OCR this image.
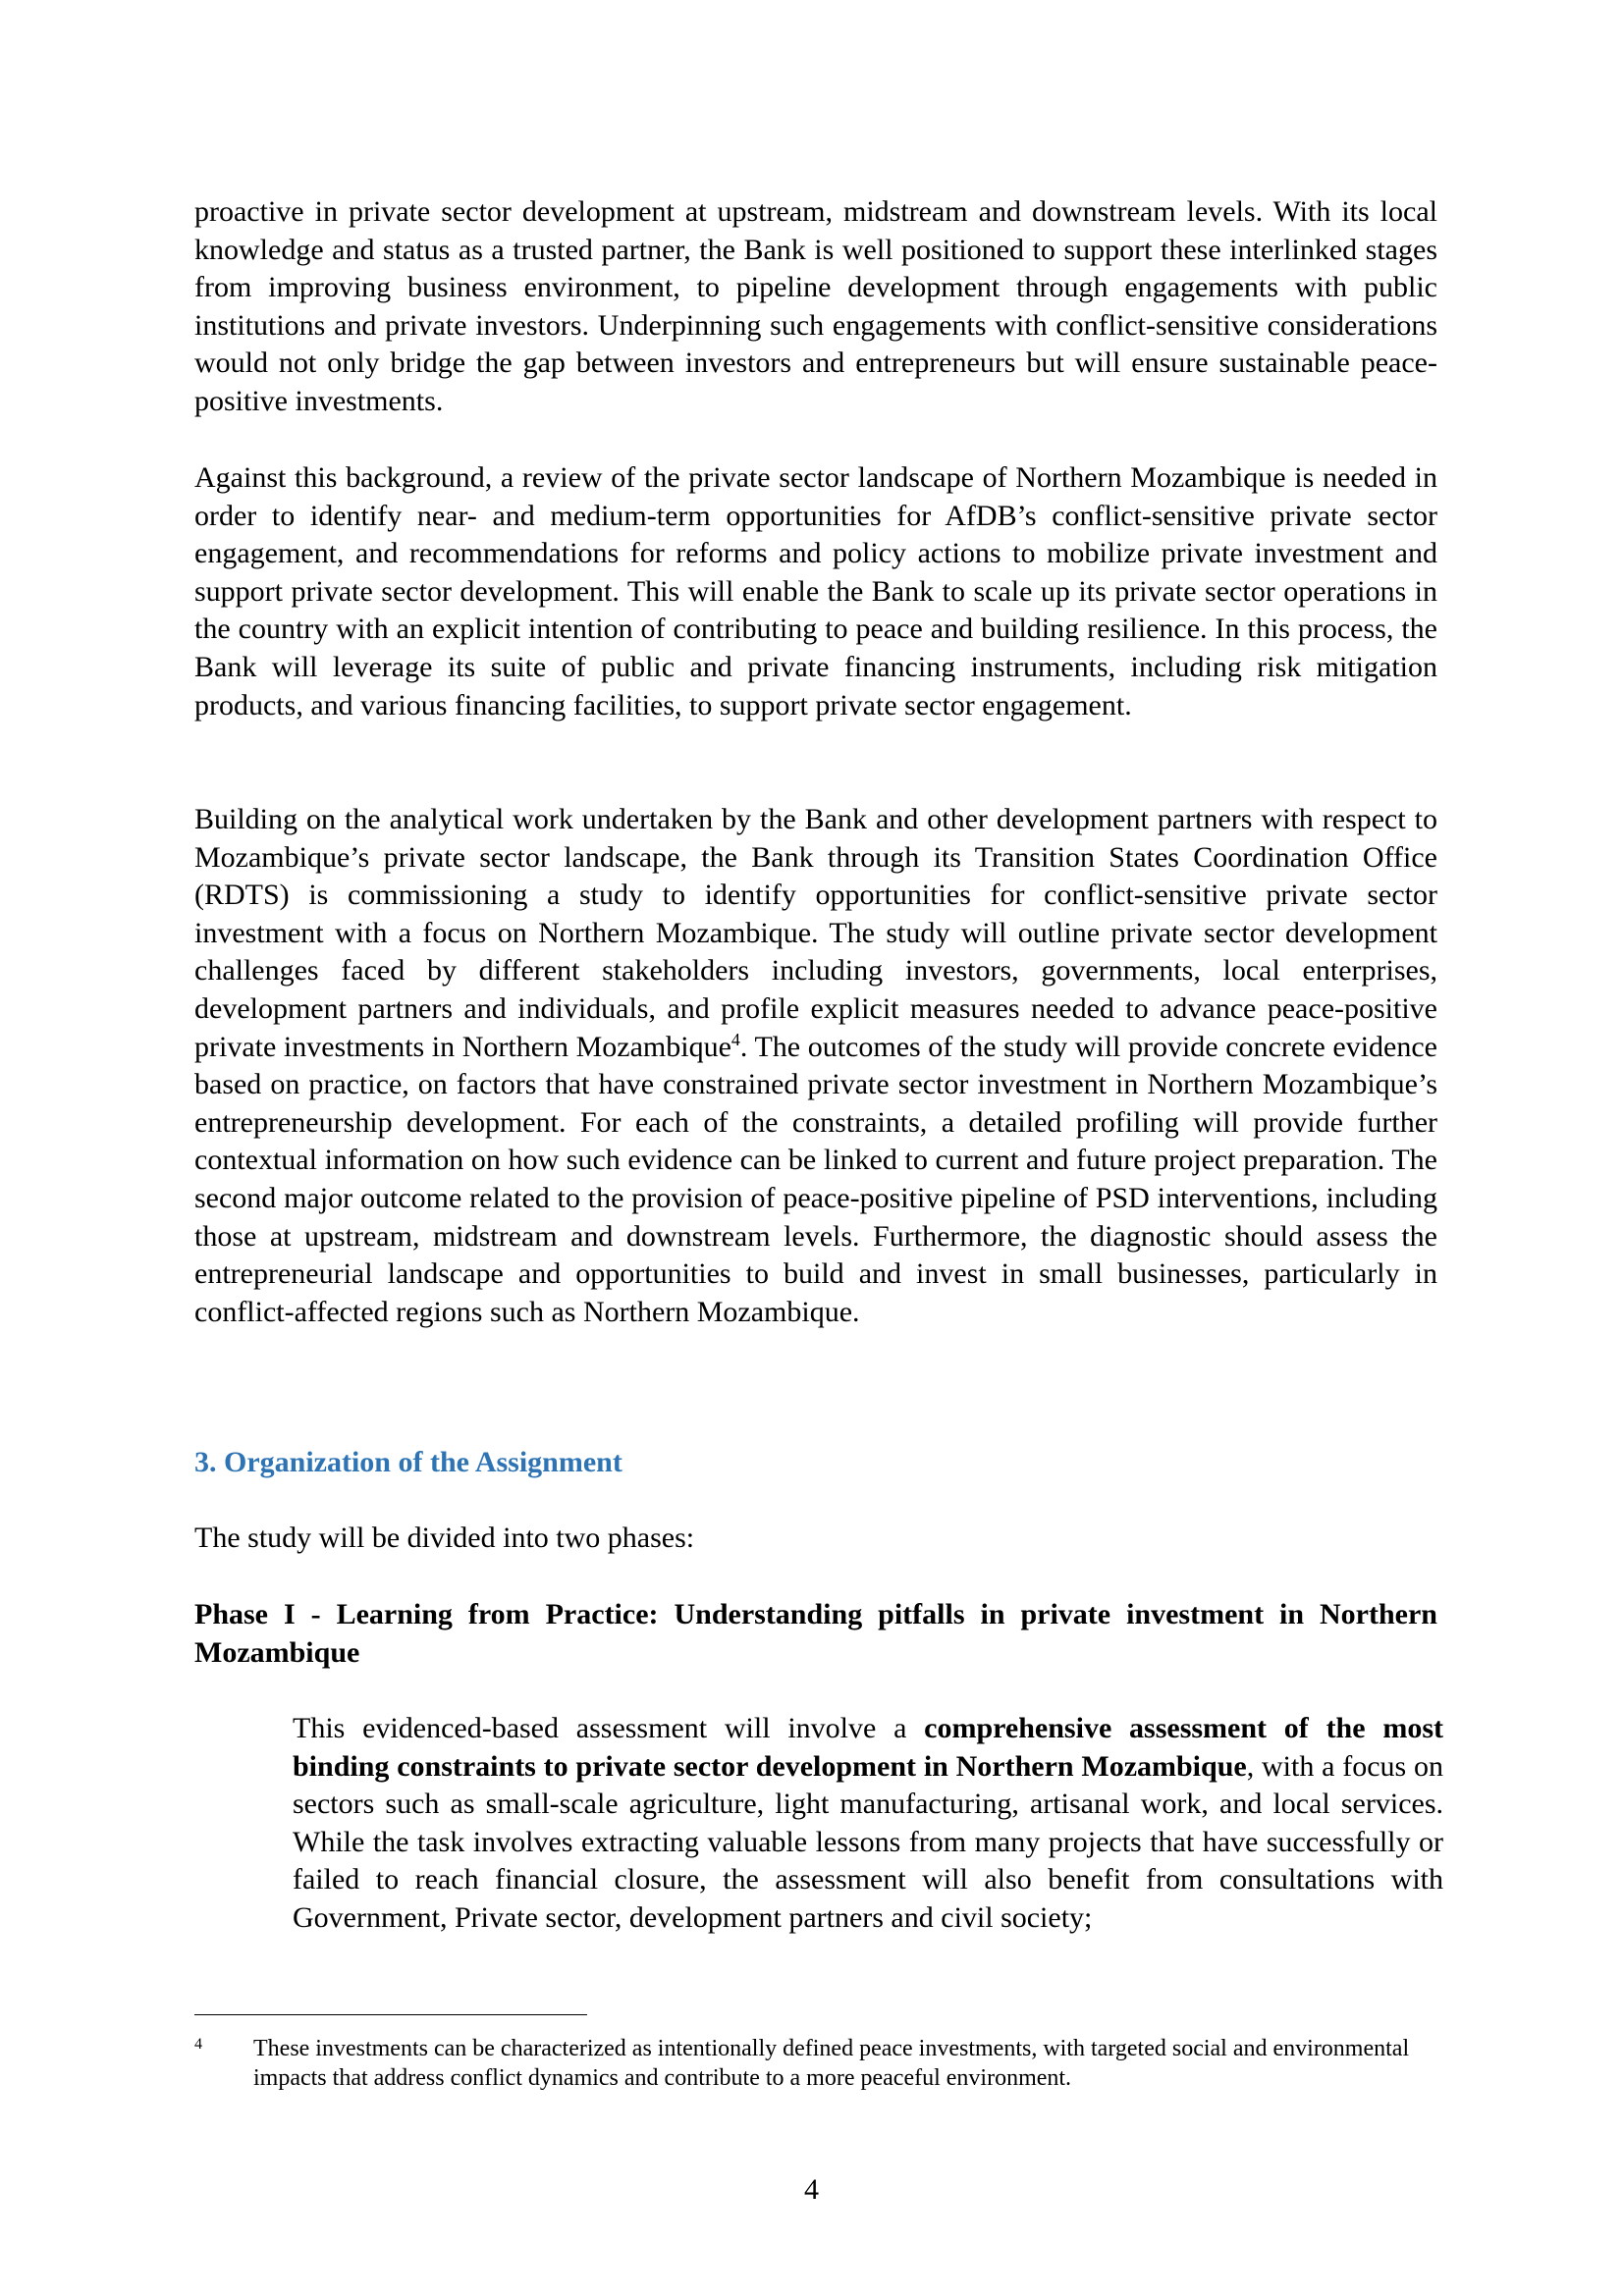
proactive in private sector development at upstream, midstream and downstream levels. With its local knowledge and status as a trusted partner, the Bank is well positioned to support these interlinked stages from improving business environment, to pipeline development through engagements with public institutions and private investors. Underpinning such engagements with conflict-sensitive considerations would not only bridge the gap between investors and entrepreneurs but will ensure sustainable peace-positive investments.

Against this background, a review of the private sector landscape of Northern Mozambique is needed in order to identify near- and medium-term opportunities for AfDB’s conflict-sensitive private sector engagement, and recommendations for reforms and policy actions to mobilize private investment and support private sector development. This will enable the Bank to scale up its private sector operations in the country with an explicit intention of contributing to peace and building resilience. In this process, the Bank will leverage its suite of public and private financing instruments, including risk mitigation products, and various financing facilities, to support private sector engagement.

Building on the analytical work undertaken by the Bank and other development partners with respect to Mozambique’s private sector landscape, the Bank through its Transition States Coordination Office (RDTS) is commissioning a study to identify opportunities for conflict-sensitive private sector investment with a focus on Northern Mozambique. The study will outline private sector development challenges faced by different stakeholders including investors, governments, local enterprises, development partners and individuals, and profile explicit measures needed to advance peace-positive private investments in Northern Mozambique$^4$. The outcomes of the study will provide concrete evidence based on practice, on factors that have constrained private sector investment in Northern Mozambique’s entrepreneurship development. For each of the constraints, a detailed profiling will provide further contextual information on how such evidence can be linked to current and future project preparation. The second major outcome related to the provision of peace-positive pipeline of PSD interventions, including those at upstream, midstream and downstream levels. Furthermore, the diagnostic should assess the entrepreneurial landscape and opportunities to build and invest in small businesses, particularly in conflict-affected regions such as Northern Mozambique.

3. Organization of the Assignment

The study will be divided into two phases:

Phase I - Learning from Practice: Understanding pitfalls in private investment in Northern Mozambique

This evidenced-based assessment will involve a comprehensive assessment of the most binding constraints to private sector development in Northern Mozambique, with a focus on sectors such as small-scale agriculture, light manufacturing, artisanal work, and local services. While the task involves extracting valuable lessons from many projects that have successfully or failed to reach financial closure, the assessment will also benefit from consultations with Government, Private sector, development partners and civil society;

4 These investments can be characterized as intentionally defined peace investments, with targeted social and environmental impacts that address conflict dynamics and contribute to a more peaceful environment.
4
